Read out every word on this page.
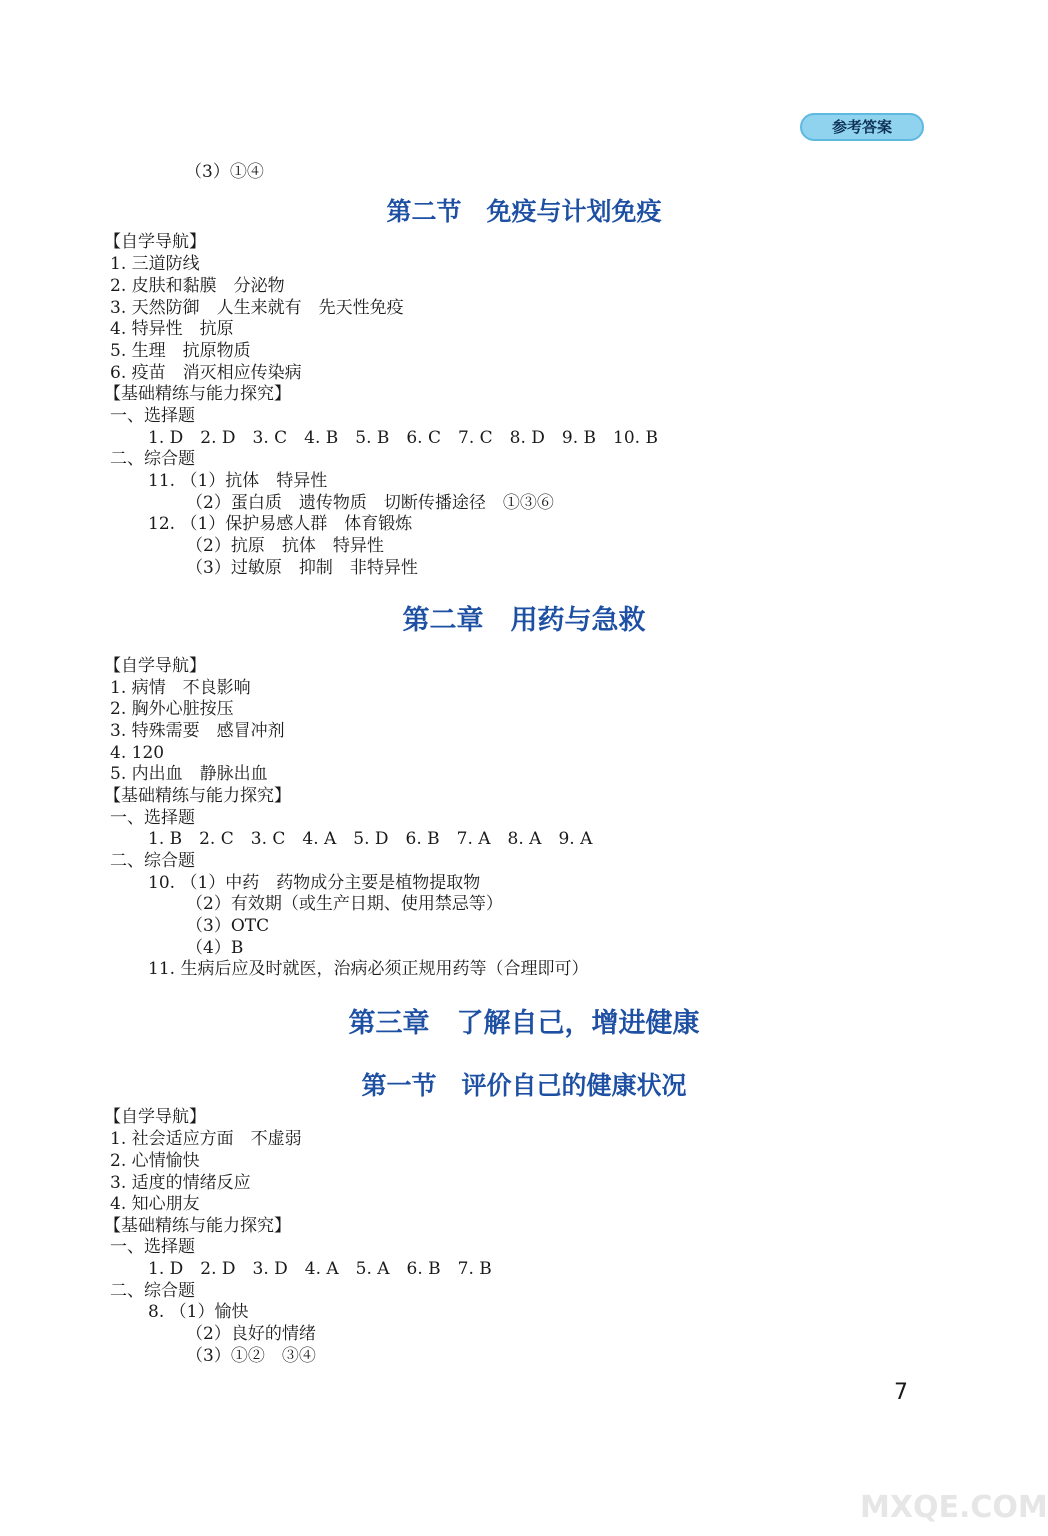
参考答案
（3）①④
【自学导航】
1. 三道防线
2. 皮肤和黏膜　分泌物
3. 天然防御　人生来就有　先天性免疫
4. 特异性　抗原
5. 生理　抗原物质
6. 疫苗　消灭相应传染病
【基础精练与能力探究】
一、选择题
1. D　2. D　3. C　4. B　5. B　6. C　7. C　8. D　9. B　10. B
二、综合题
11. （1）抗体　特异性
（2）蛋白质　遗传物质　切断传播途径　①③⑥
12. （1）保护易感人群　体育锻炼
（2）抗原　抗体　特异性
（3）过敏原　抑制　非特异性
【自学导航】
1. 病情　不良影响
2. 胸外心脏按压
3. 特殊需要　感冒冲剂
4. 120
5. 内出血　静脉出血
【基础精练与能力探究】
一、选择题
1. B　2. C　3. C　4. A　5. D　6. B　7. A　8. A　9. A
二、综合题
10. （1）中药　药物成分主要是植物提取物
（2）有效期（或生产日期、使用禁忌等）
（3）OTC
（4）B
11. 生病后应及时就医，治病必须正规用药等（合理即可）
【自学导航】
1. 社会适应方面　不虚弱
2. 心情愉快
3. 适度的情绪反应
4. 知心朋友
【基础精练与能力探究】
一、选择题
1. D　2. D　3. D　4. A　5. A　6. B　7. B
二、综合题
8. （1）愉快
（2）良好的情绪
（3）①②　③④
第二节　免疫与计划免疫
第二章　用药与急救
第三章　了解自己，增进健康
第一节　评价自己的健康状况
7
MXQE.COM
